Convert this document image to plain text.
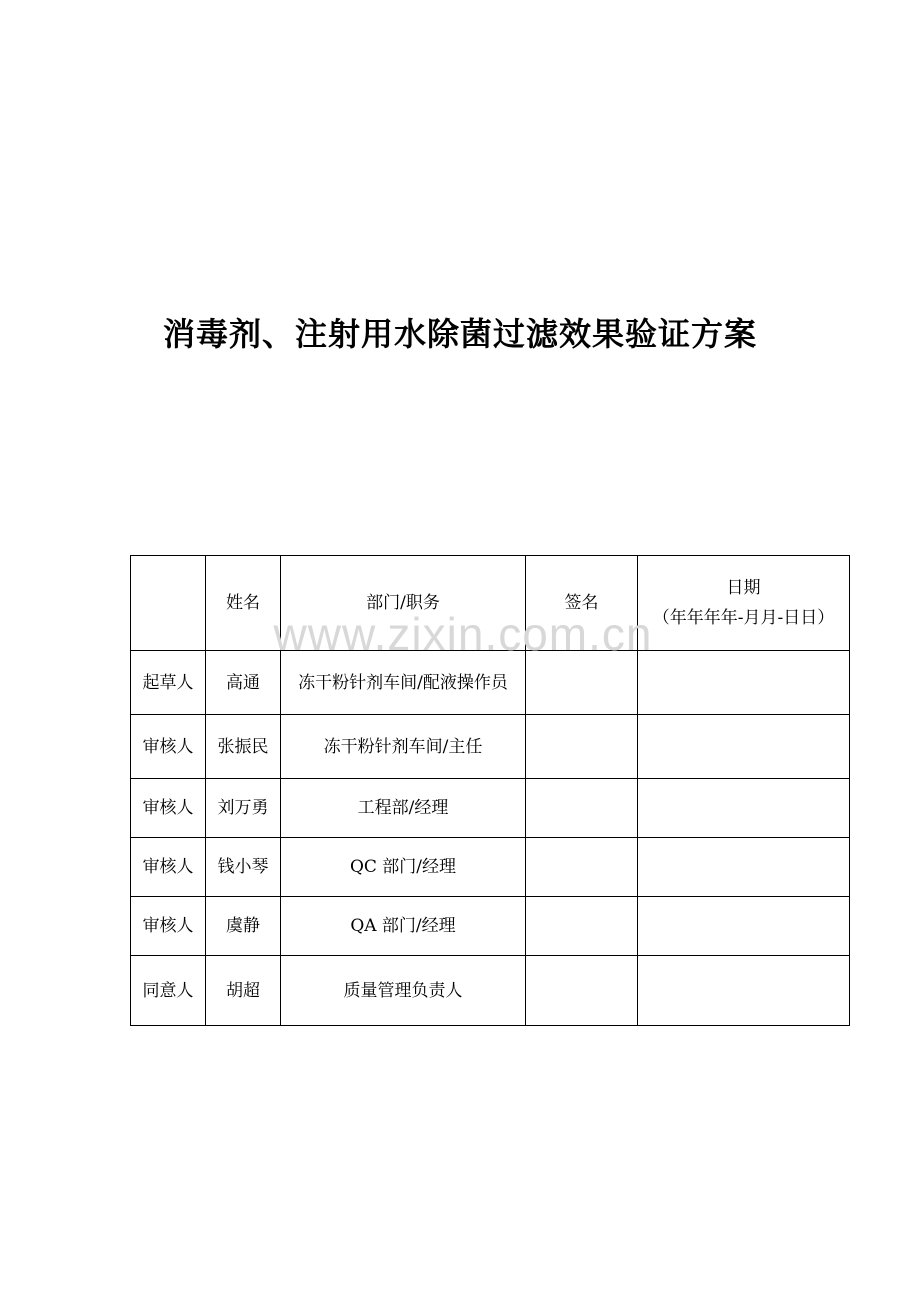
消毒剂、注射用水除菌过滤效果验证方案
www.zixin.com.cn
	姓名	部门/职务	签名	日期
（年年年年-月月-日日）

起草人	高通	冻干粉针剂车间/配液操作员		
审核人	张振民	冻干粉针剂车间/主任		
审核人	刘万勇	工程部/经理		
审核人	钱小琴	QC 部门/经理		
审核人	虞静	QA 部门/经理		
同意人	胡超	质量管理负责人		
